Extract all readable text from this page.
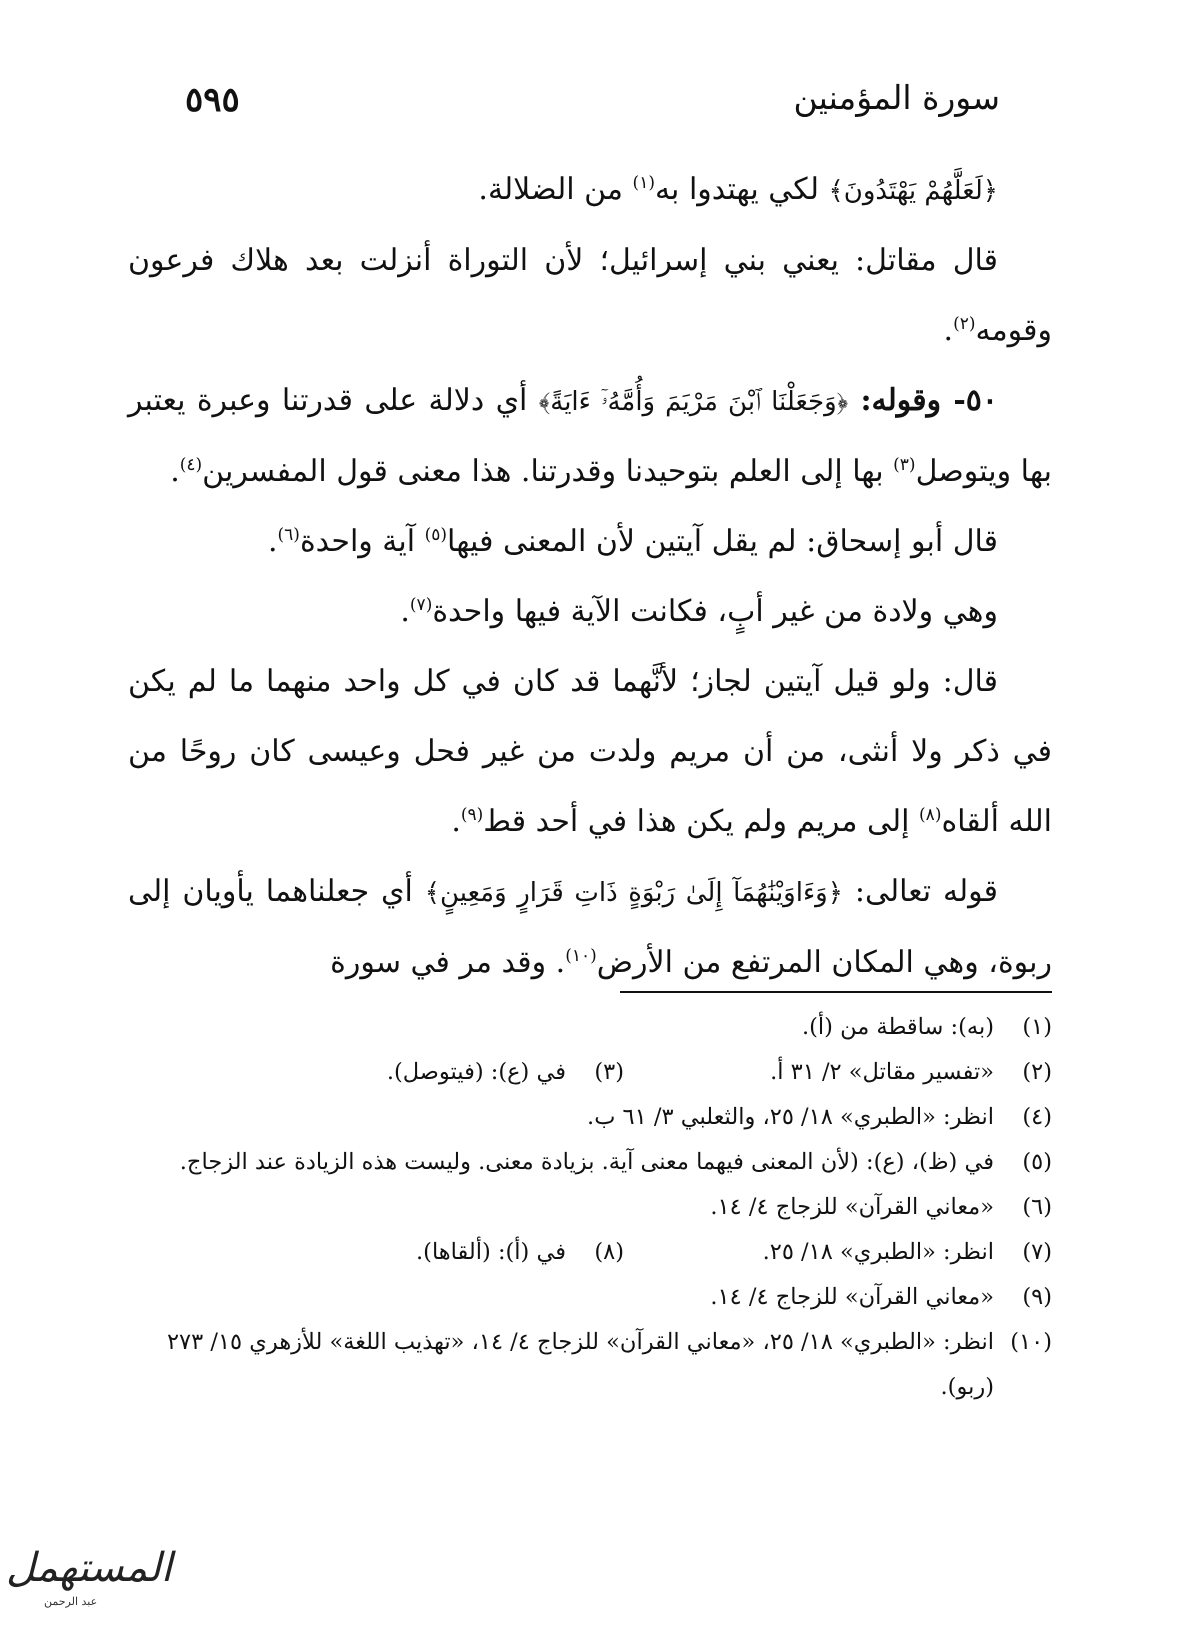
سورة المؤمنين
٥٩٥

﴿لَعَلَّهُمْ يَهْتَدُونَ﴾ لكي يهتدوا به$^{(١)}$ من الضلالة.

قال مقاتل: يعني بني إسرائيل؛ لأن التوراة أنزلت بعد هلاك فرعون وقومه$^{(٢)}$.

٥٠- وقوله: ﴿وَجَعَلْنَا ٱبْنَ مَرْيَمَ وَأُمَّهُۥٓ ءَايَةً﴾ أي دلالة على قدرتنا وعبرة يعتبر بها ويتوصل$^{(٣)}$ بها إلى العلم بتوحيدنا وقدرتنا. هذا معنى قول المفسرين$^{(٤)}$.

قال أبو إسحاق: لم يقل آيتين لأن المعنى فيها$^{(٥)}$ آية واحدة$^{(٦)}$.

وهي ولادة من غير أبٍ، فكانت الآية فيها واحدة$^{(٧)}$.

قال: ولو قيل آيتين لجاز؛ لأنَّهما قد كان في كل واحد منهما ما لم يكن في ذكر ولا أنثى، من أن مريم ولدت من غير فحل وعيسى كان روحًا من الله ألقاه$^{(٨)}$ إلى مريم ولم يكن هذا في أحد قط$^{(٩)}$.

قوله تعالى: ﴿وَءَاوَيْنَٰهُمَآ إِلَىٰ رَبْوَةٍ ذَاتِ قَرَارٍ وَمَعِينٍ﴾ أي جعلناهما يأويان إلى ربوة، وهي المكان المرتفع من الأرض$^{(١٠)}$. وقد مر في سورة

(١)
(به): ساقطة من (أ).
(٢)
«تفسير مقاتل» ٢/ ٣١ أ.
(٣)
في (ع): (فيتوصل).
(٤)
انظر: «الطبري» ١٨/ ٢٥، والثعلبي ٣/ ٦١ ب.
(٥)
في (ظ)، (ع): (لأن المعنى فيهما معنى آية. بزيادة معنى. وليست هذه الزيادة عند الزجاج.
(٦)
«معاني القرآن» للزجاج ٤/ ١٤.
(٧)
انظر: «الطبري» ١٨/ ٢٥.
(٨)
في (أ): (ألقاها).
(٩)
«معاني القرآن» للزجاج ٤/ ١٤.
(١٠)
انظر: «الطبري» ١٨/ ٢٥، «معاني القرآن» للزجاج ٤/ ١٤، «تهذيب اللغة» للأزهري ١٥/ ٢٧٣ (ربو).
المستهمل
عبد الرحمن
